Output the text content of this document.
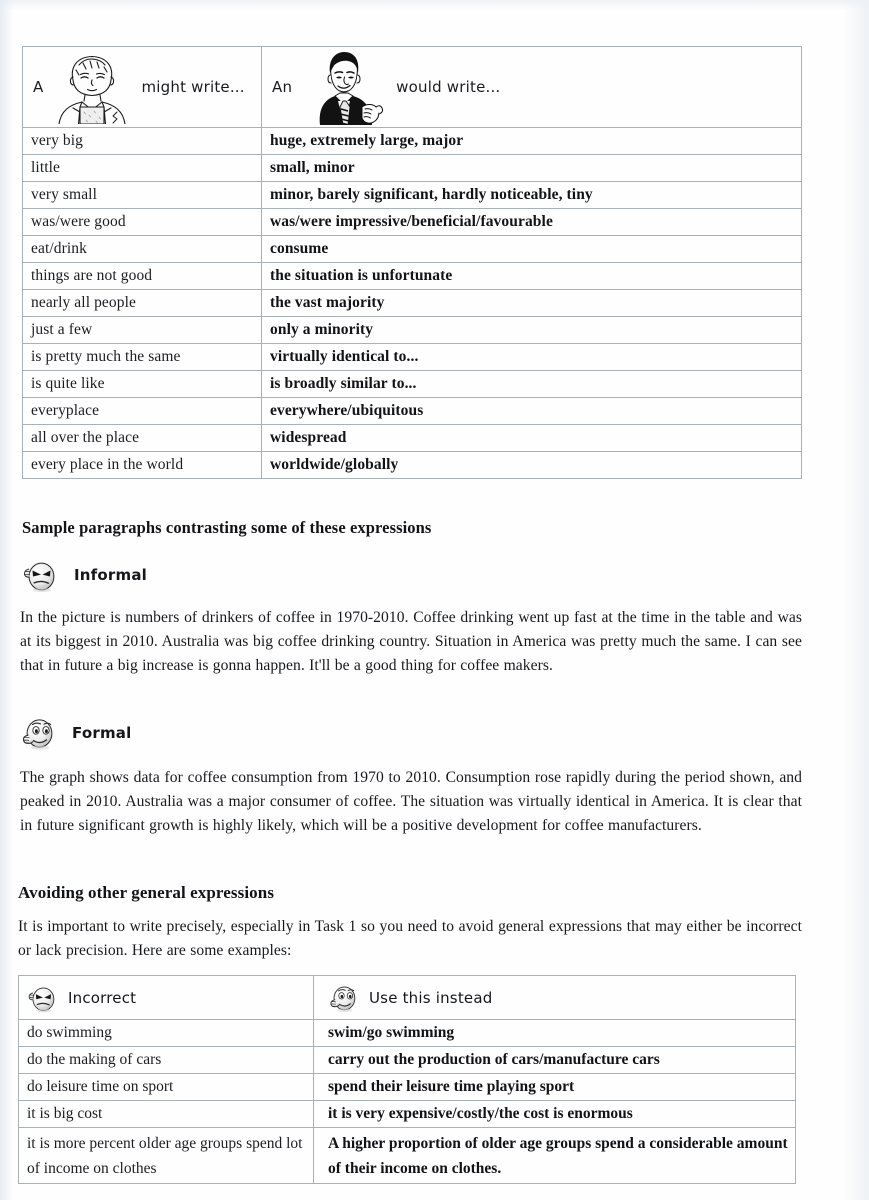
A might write...	An would write...

very big	huge, extremely large, major
little	small, minor
very small	minor, barely significant, hardly noticeable, tiny
was/were good	was/were impressive/beneficial/favourable
eat/drink	consume
things are not good	the situation is unfortunate
nearly all people	the vast majority
just a few	only a minority
is pretty much the same	virtually identical to...
is quite like	is broadly similar to...
everyplace	everywhere/ubiquitous
all over the place	widespread
every place in the world	worldwide/globally
Sample paragraphs contrasting some of these expressions
Informal
In the picture is numbers of drinkers of coffee in 1970-2010. Coffee drinking went up fast at the time in the table and was at its biggest in 2010. Australia was big coffee drinking country. Situation in America was pretty much the same. I can see that in future a big increase is gonna happen. It'll be a good thing for coffee makers.
Formal
The graph shows data for coffee consumption from 1970 to 2010. Consumption rose rapidly during the period shown, and peaked in 2010. Australia was a major consumer of coffee. The situation was virtually identical in America. It is clear that in future significant growth is highly likely, which will be a positive development for coffee manufacturers.
Avoiding other general expressions
It is important to write precisely, especially in Task 1 so you need to avoid general expressions that may either be incorrect or lack precision. Here are some examples:
Incorrect	Use this instead

do swimming	swim/go swimming
do the making of cars	carry out the production of cars/manufacture cars
do leisure time on sport	spend their leisure time playing sport
it is big cost	it is very expensive/costly/the cost is enormous
it is more percent older age groups spend lot of income on clothes	A higher proportion of older age groups spend a considerable amount of their income on clothes.
